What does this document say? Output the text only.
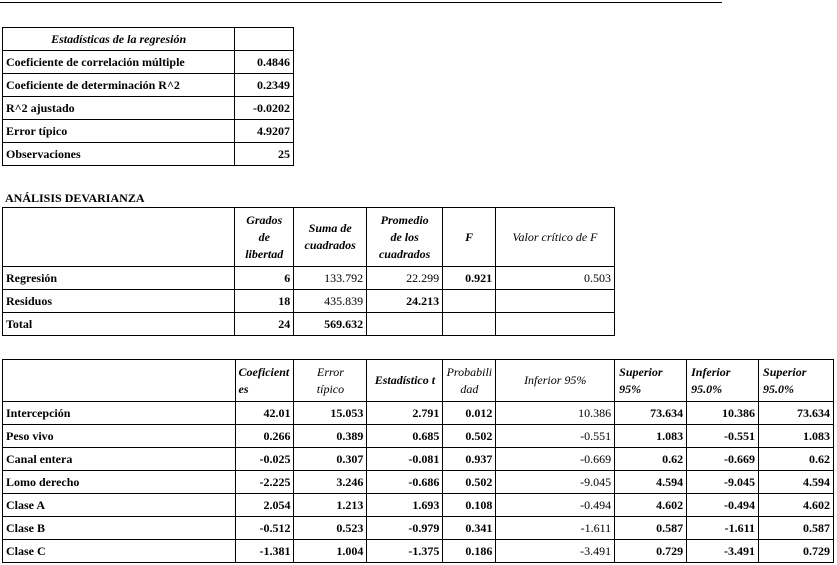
Estadísticas de la regresión	
Coeficiente de correlación múltiple	0.4846
Coeficiente de determinación R^2	0.2349
R^2 ajustado	-0.0202
Error típico	4.9207
Observaciones	25
ANÁLISIS DEVARIANZA
	Grados de libertad	Suma de cuadrados	Promedio de los cuadrados	F	Valor crítico de F
Regresión	6	133.792	22.299	0.921	0.503
Residuos	18	435.839	24.213		
Total	24	569.632			
	Coeficientes	Error típico	Estadístico t	Probabilidad	Inferior 95%	Superior 95%	Inferior 95.0%	Superior 95.0%
Intercepción	42.01	15.053	2.791	0.012	10.386	73.634	10.386	73.634
Peso vivo	0.266	0.389	0.685	0.502	-0.551	1.083	-0.551	1.083
Canal entera	-0.025	0.307	-0.081	0.937	-0.669	0.62	-0.669	0.62
Lomo derecho	-2.225	3.246	-0.686	0.502	-9.045	4.594	-9.045	4.594
Clase A	2.054	1.213	1.693	0.108	-0.494	4.602	-0.494	4.602
Clase B	-0.512	0.523	-0.979	0.341	-1.611	0.587	-1.611	0.587
Clase C	-1.381	1.004	-1.375	0.186	-3.491	0.729	-3.491	0.729
